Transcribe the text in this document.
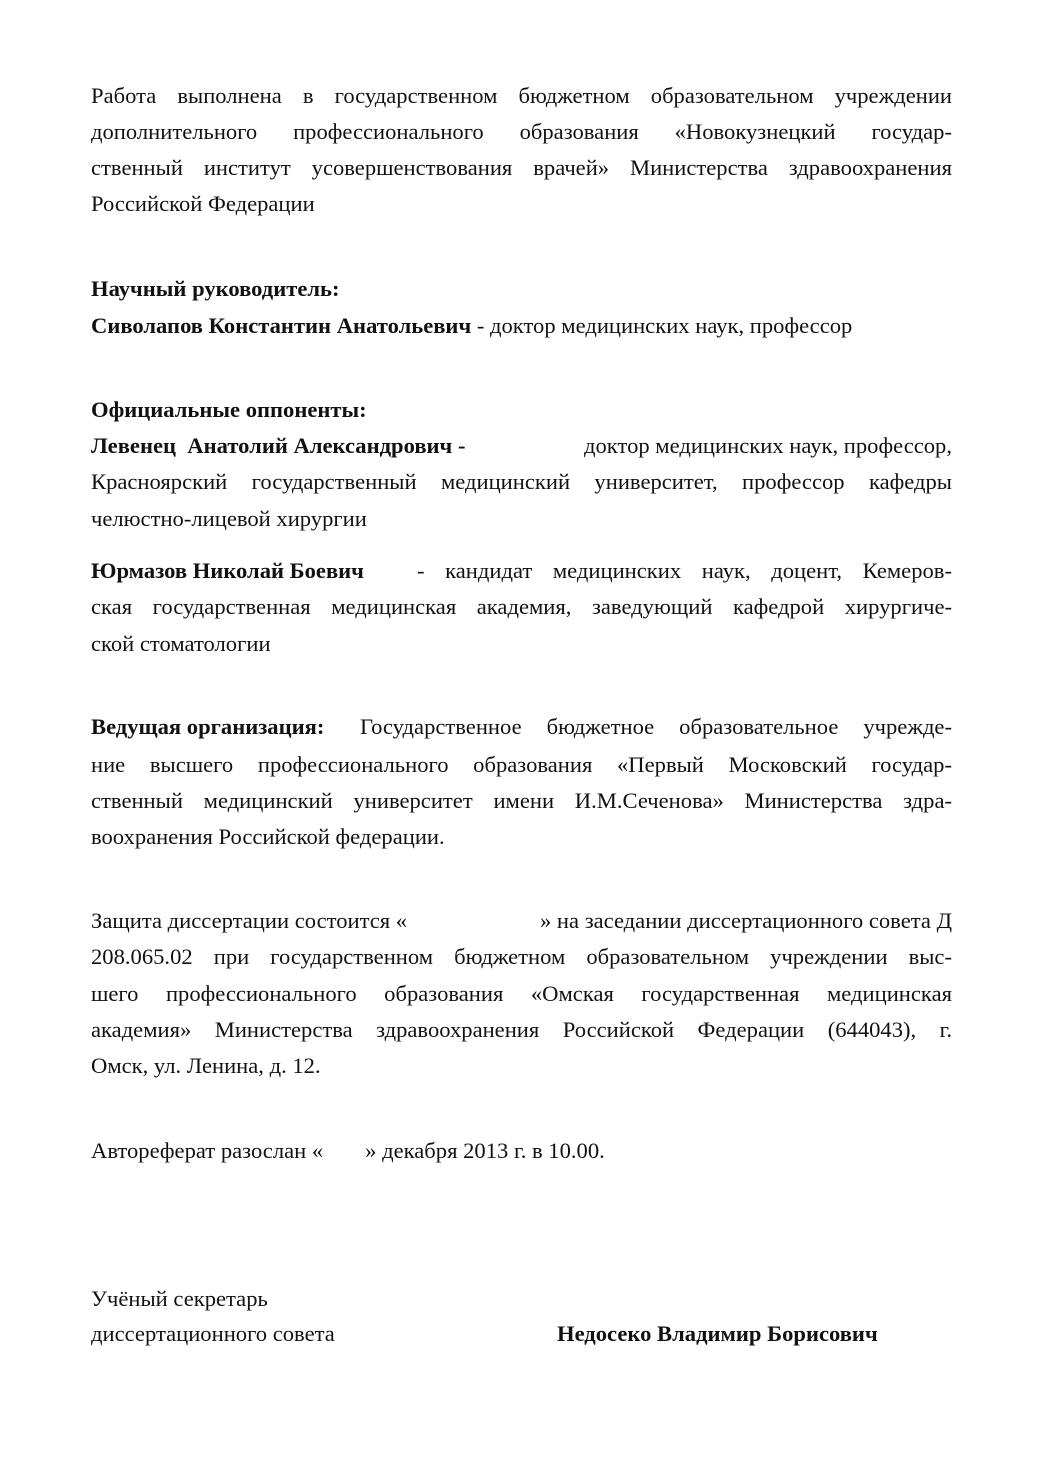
Работа выполнена в государственном бюджетном образовательном учреждении
дополнительного профессионального образования «Новокузнецкий государ-
ственный институт усовершенствования врачей» Министерства здравоохранения
Российской Федерации
Научный руководитель:
Сиволапов Константин Анатольевич - доктор медицинских наук, профессор
Официальные оппоненты:
Левенец  Анатолий Александрович -	доктор медицинских наук, профессор,
Красноярский государственный медицинский университет, профессор кафедры
челюстно-лицевой хирургии
Юрмазов Николай Боевич - кандидат медицинских наук, доцент, Кемеров-
ская государственная медицинская академия, заведующий кафедрой хирургиче-
ской стоматологии
Ведущая организация: Государственное бюджетное образовательное учрежде-
ние высшего профессионального образования «Первый Московский государ-
ственный медицинский университет имени И.М.Сеченова» Министерства здра-
воохранения Российской федерации.
Защита диссертации состоится «	» на заседании диссертационного совета Д
208.065.02 при государственном бюджетном образовательном учреждении выс-
шего профессионального образования «Омская государственная медицинская
академия» Министерства здравоохранения Российской Федерации (644043), г.
Омск, ул. Ленина, д. 12.
Автореферат разослан « » декабря 2013 г. в 10.00.
Учёный секретарь
диссертационного совета	Недосеко Владимир Борисович
